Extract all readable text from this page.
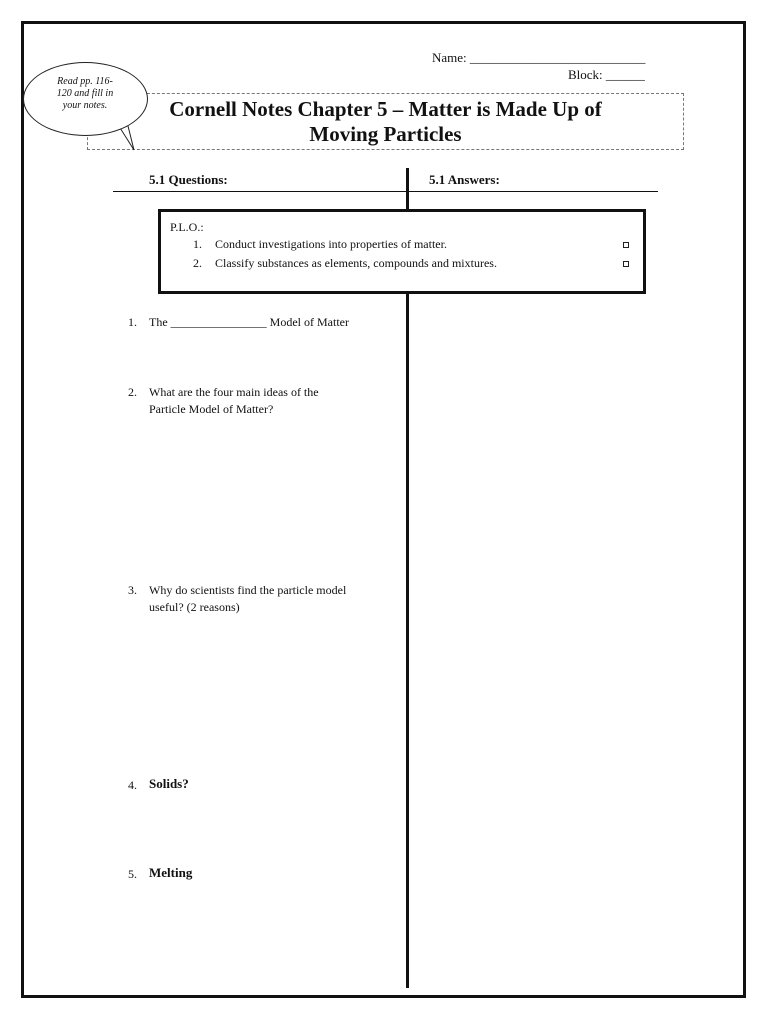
Name: ___________________________
Block: ______
Cornell Notes Chapter 5 – Matter is Made Up of
Moving Particles
Read pp. 116-
120 and fill in
your notes.
5.1 Questions:	5.1 Answers:
P.L.O.:
1. Conduct investigations into properties of matter.
2. Classify substances as elements, compounds and mixtures.
1. The ________________ Model of Matter
2. What are the four main ideas of the
Particle Model of Matter?
3. Why do scientists find the particle model
useful? (2 reasons)
4. Solids?
5. Melting
